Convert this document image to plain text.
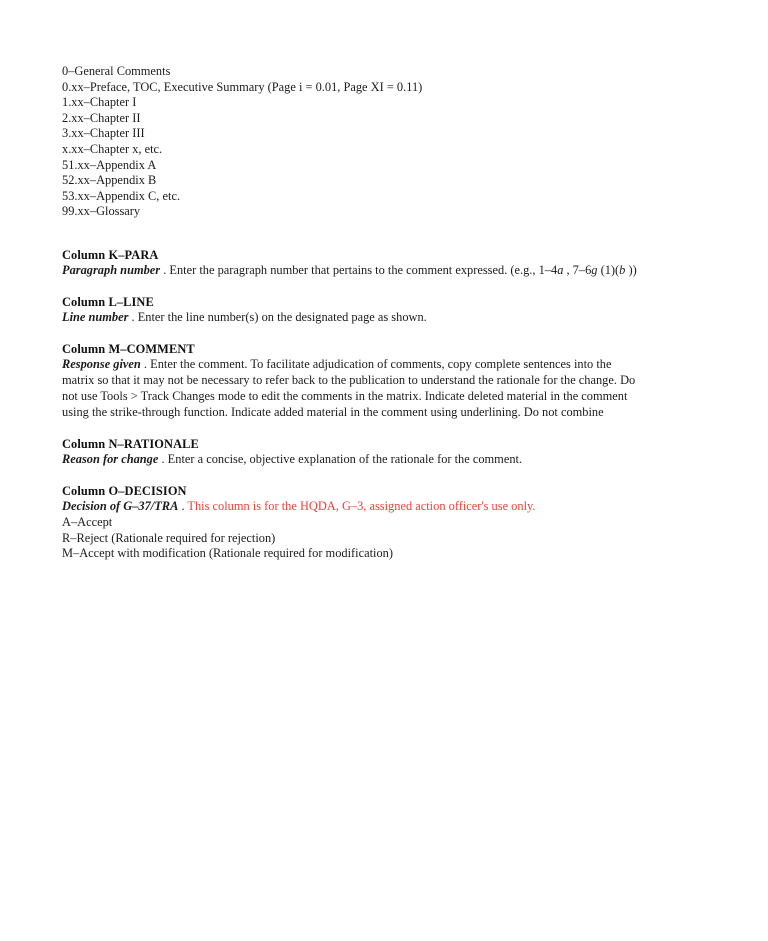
0–General Comments
0.xx–Preface, TOC, Executive Summary (Page i = 0.01, Page XI = 0.11)
1.xx–Chapter I
2.xx–Chapter II
3.xx–Chapter III
x.xx–Chapter x, etc.
51.xx–Appendix A
52.xx–Appendix B
53.xx–Appendix C, etc.
99.xx–Glossary
Column K–PARA
Paragraph number . Enter the paragraph number that pertains to the comment expressed. (e.g., 1–4a , 7–6g (1)(b ))
Column L–LINE
Line number . Enter the line number(s) on the designated page as shown.
Column M–COMMENT
Response given . Enter the comment. To facilitate adjudication of comments, copy complete sentences into the matrix so that it may not be necessary to refer back to the publication to understand the rationale for the change. Do not use Tools > Track Changes mode to edit the comments in the matrix. Indicate deleted material in the comment using the strike-through function. Indicate added material in the comment using underlining. Do not combine
Column N–RATIONALE
Reason for change . Enter a concise, objective explanation of the rationale for the comment.
Column O–DECISION
Decision of G–37/TRA . This column is for the HQDA, G–3, assigned action officer's use only.
A–Accept
R–Reject (Rationale required for rejection)
M–Accept with modification (Rationale required for modification)
